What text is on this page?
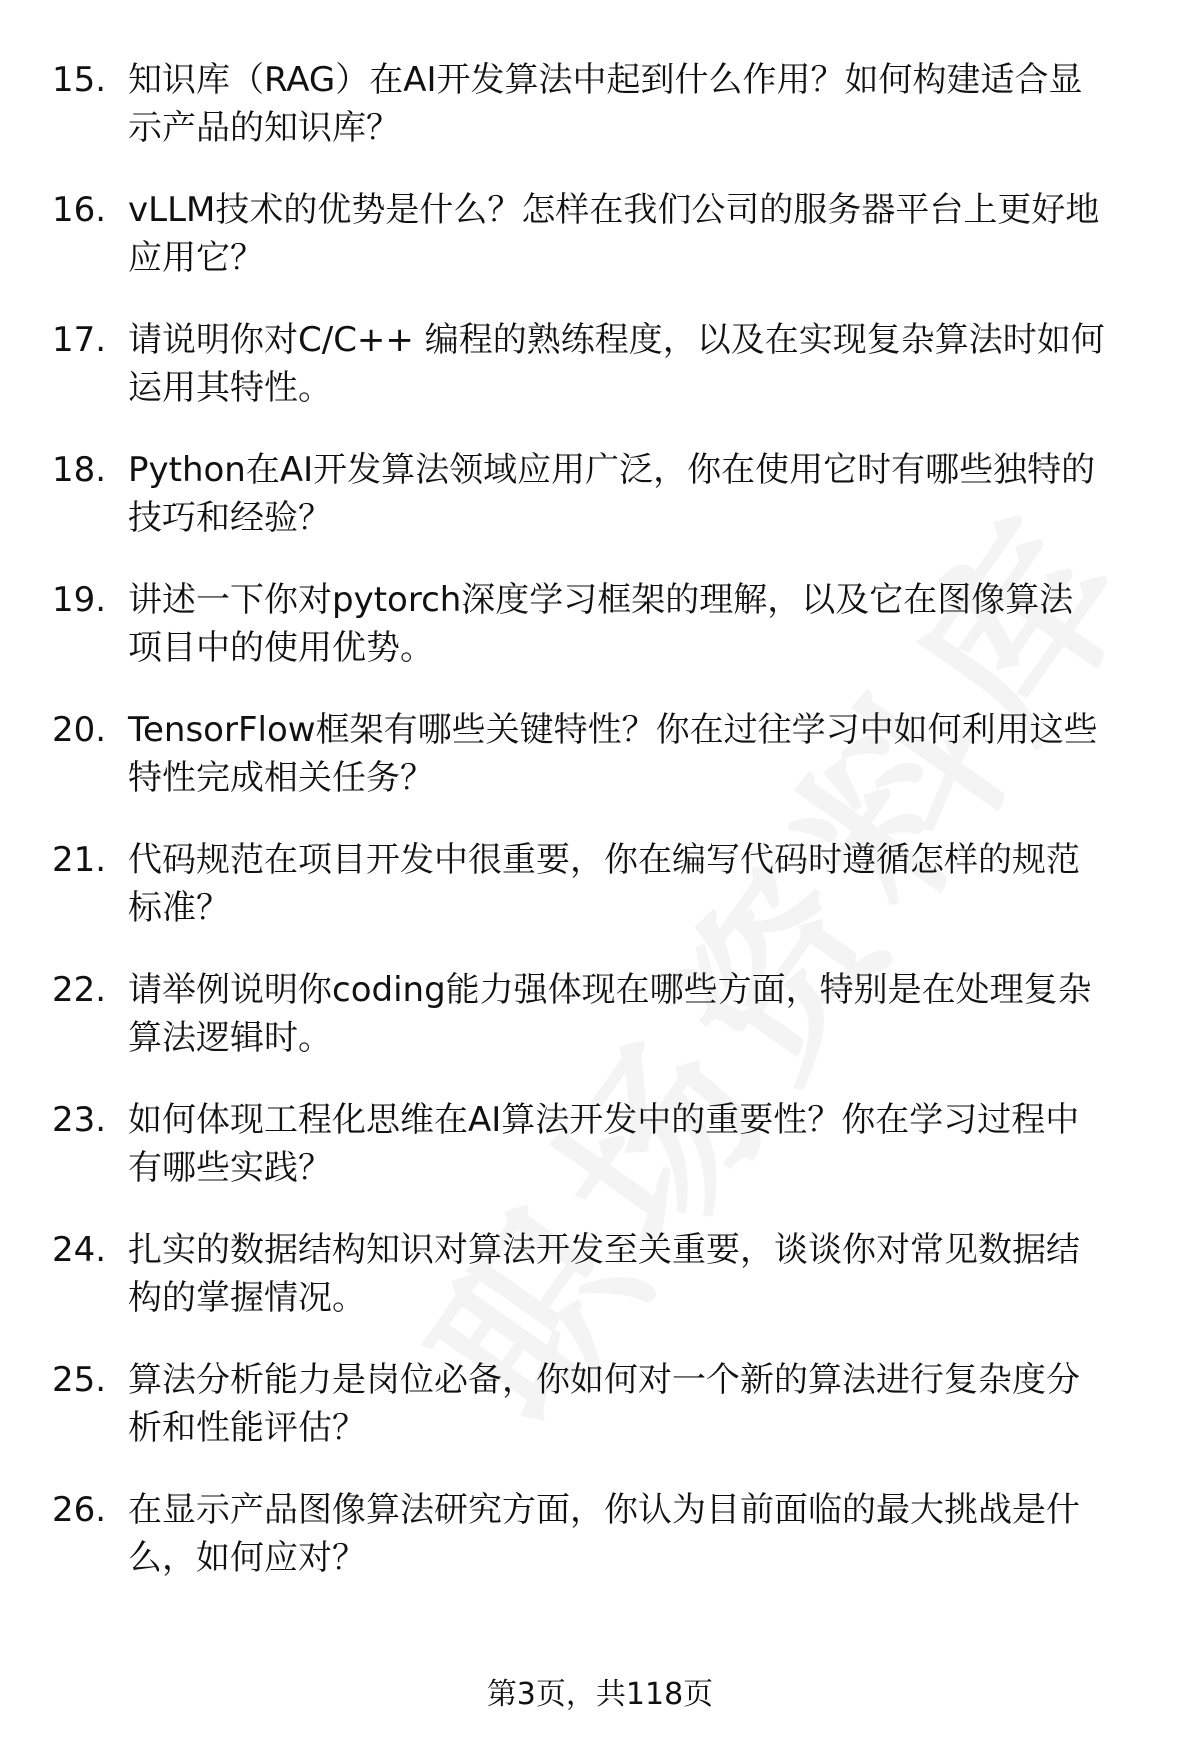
15. 知识库（RAG）在AI开发算法中起到什么作用？如何构建适合显
示产品的知识库？
16. vLLM技术的优势是什么？怎样在我们公司的服务器平台上更好地
应用它？
17. 请说明你对C/C++ 编程的熟练程度，以及在实现复杂算法时如何
运用其特性。
18. Python在AI开发算法领域应用广泛，你在使用它时有哪些独特的
技巧和经验？
19. 讲述一下你对pytorch深度学习框架的理解，以及它在图像算法
项目中的使用优势。
20. TensorFlow框架有哪些关键特性？你在过往学习中如何利用这些
特性完成相关任务？
21. 代码规范在项目开发中很重要，你在编写代码时遵循怎样的规范
标准？
22. 请举例说明你coding能力强体现在哪些方面，特别是在处理复杂
算法逻辑时。
23. 如何体现工程化思维在AI算法开发中的重要性？你在学习过程中
有哪些实践？
24. 扎实的数据结构知识对算法开发至关重要，谈谈你对常见数据结
构的掌握情况。
25. 算法分析能力是岗位必备，你如何对一个新的算法进行复杂度分
析和性能评估？
26. 在显示产品图像算法研究方面，你认为目前面临的最大挑战是什
么，如何应对？
第3页，共118页
